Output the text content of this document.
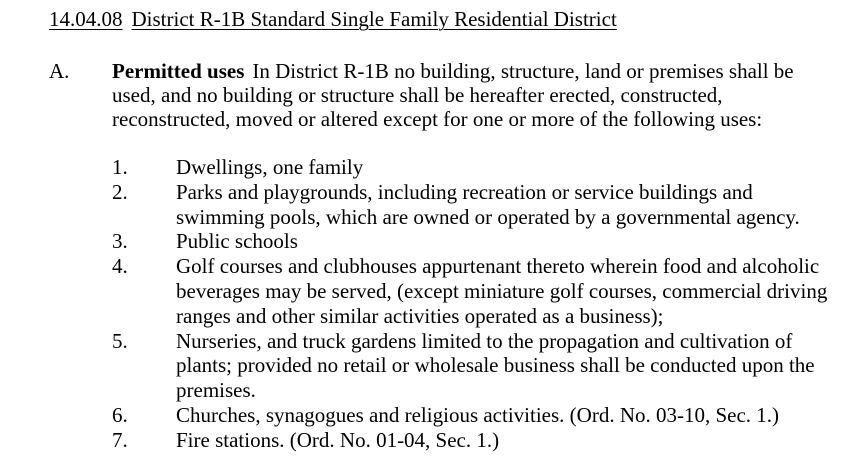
14.04.08 District R-1B Standard Single Family Residential District
A. Permitted uses In District R-1B no building, structure, land or premises shall be used, and no building or structure shall be hereafter erected, constructed, reconstructed, moved or altered except for one or more of the following uses:
1.	Dwellings, one family
2.	Parks and playgrounds, including recreation or service buildings and swimming pools, which are owned or operated by a governmental agency.
3.	Public schools
4.	Golf courses and clubhouses appurtenant thereto wherein food and alcoholic beverages may be served, (except miniature golf courses, commercial driving ranges and other similar activities operated as a business);
5.	Nurseries, and truck gardens limited to the propagation and cultivation of plants; provided no retail or wholesale business shall be conducted upon the premises.
6.	Churches, synagogues and religious activities. (Ord. No. 03-10, Sec. 1.)
7.	Fire stations. (Ord. No. 01-04, Sec. 1.)
